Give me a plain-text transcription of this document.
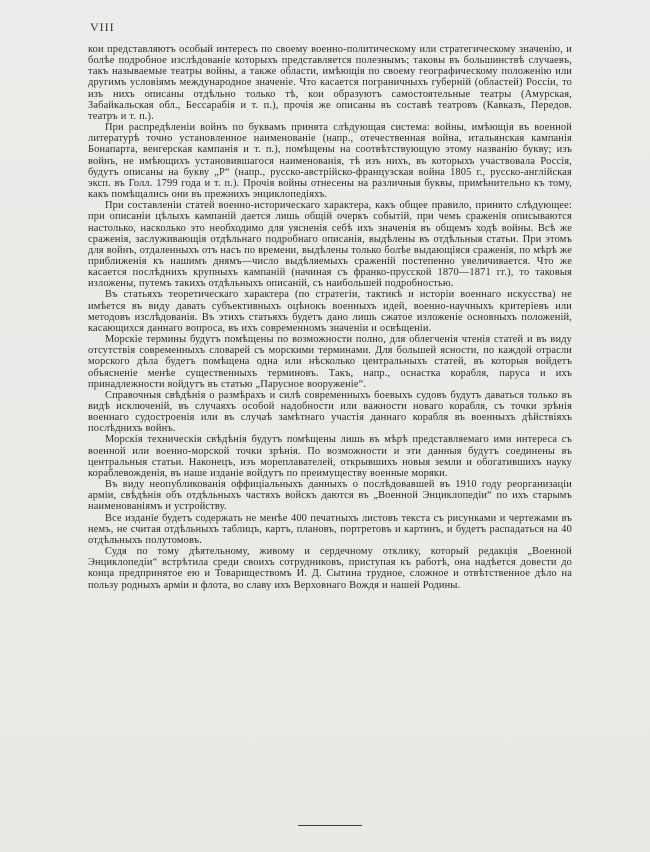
VIII

кои представляютъ особый интересъ по своему военно-политическому или стратегическому значенію, и болѣе подробное изслѣдованіе которыхъ представляется полезнымъ; таковы въ большинствѣ случаевъ, такъ называемые театры войны, а также области, имѣющія по своему географическому положенію или другимъ условіямъ международное значеніе. Что касается пограничныхъ губерній (областей) Россіи, то изъ нихъ описаны отдѣльно только тѣ, кои образуютъ самостоятельные театры (Амурская, Забайкальская обл., Бессарабія и т. п.), прочія же описаны въ составѣ театровъ (Кавказъ, Передов. театръ и т. п.).

При распредѣленіи войнъ по буквамъ принята слѣдующая система: войны, имѣющія въ военной литературѣ точно установленное наименованіе (напр., отечественная война, итальянская кампанія Бонапарта, венгерская кампанія и т. п.), помѣщены на соотвѣтствующую этому названію букву; изъ войнъ, не имѣющихъ установившагося наименованія, тѣ изъ нихъ, въ которыхъ участвовала Россія, будутъ описаны на букву „Р“ (напр., русско-австрійско-французская война 1805 г., русско-англійская эксп. въ Голл. 1799 года и т. п.). Прочія войны отнесены на различныя буквы, примѣнительно къ тому, какъ помѣщались они въ прежнихъ энциклопедіяхъ.

При составленіи статей военно-историческаго характера, какъ общее правило, принято слѣдующее: при описаніи цѣлыхъ кампаній дается лишь общій очеркъ событій, при чемъ сраженія описываются настолько, насколько это необходимо для уясненія себѣ ихъ значенія въ общемъ ходѣ войны. Всѣ же сраженія, заслуживающія отдѣльнаго подробнаго описанія, выдѣлены въ отдѣльныя статьи. При этомъ для войнъ, отдаленныхъ отъ насъ по времени, выдѣлены только болѣе выдающіяся сраженія, по мѣрѣ же приближенія къ нашимъ днямъ—число выдѣляемыхъ сраженій постепенно увеличивается. Что же касается послѣднихъ крупныхъ кампаній (начиная съ франко-прусской 1870—1871 гг.), то таковыя изложены, путемъ такихъ отдѣльныхъ описаній, съ наибольшей подробностью.

Въ статьяхъ теоретическаго характера (по стратегіи, тактикѣ и исторіи военнаго искусства) не имѣется въ виду давать субъективныхъ оцѣнокъ военныхъ идей, военно-научныхъ критеріевъ или методовъ изслѣдованія. Въ этихъ статьяхъ будетъ дано лишь сжатое изложеніе основныхъ положеній, касающихся даннаго вопроса, въ ихъ современномъ значеніи и освѣщеніи.

Морскіе термины будутъ помѣщены по возможности полно, для облегченія чтенія статей и въ виду отсутствія современныхъ словарей съ морскими терминами. Для большей ясности, по каждой отрасли морского дѣла будетъ помѣщена одна или нѣсколько центральныхъ статей, въ которыя войдетъ объясненіе менѣе существенныхъ терминовъ. Такъ, напр., оснастка корабля, паруса и ихъ принадлежности войдутъ въ статью „Парусное вооруженіе“.

Справочныя свѣдѣнія о размѣрахъ и силѣ современныхъ боевыхъ судовъ будутъ даваться только въ видѣ исключеній, въ случаяхъ особой надобности или важности новаго корабля, съ точки зрѣнія военнаго судостроенія или въ случаѣ замѣтнаго участія даннаго корабля въ военныхъ дѣйствіяхъ послѣднихъ войнъ.

Морскія техническія свѣдѣнія будутъ помѣщены лишь въ мѣрѣ представляемаго ими интереса съ военной или военно-морской точки зрѣнія. По возможности и эти данныя будутъ соединены въ центральныя статьи. Наконецъ, изъ мореплавателей, открывшихъ новыя земли и обогатившихъ науку кораблевожденія, въ наше изданіе войдутъ по преимуществу военные моряки.

Въ виду неопубликованія оффиціальныхъ данныхъ о послѣдовавшей въ 1910 году реорганизаціи арміи, свѣдѣнія объ отдѣльныхъ частяхъ войскъ даются въ „Военной Энциклопедіи“ по ихъ старымъ наименованіямъ и устройству.

Все изданіе будетъ содержать не менѣе 400 печатныхъ листовъ текста съ рисунками и чертежами въ немъ, не считая отдѣльныхъ таблицъ, картъ, плановъ, портретовъ и картинъ, и будетъ распадаться на 40 отдѣльныхъ полутомовъ.

Судя по тому дѣятельному, живому и сердечному отклику, который редакція „Военной Энциклопедіи“ встрѣтила среди своихъ сотрудниковъ, приступая къ работѣ, она надѣется довести до конца предпринятое ею и Товариществомъ И. Д. Сытина трудное, сложное и отвѣтственное дѣло на пользу родныхъ арміи и флота, во славу ихъ Верховнаго Вождя и нашей Родины.
